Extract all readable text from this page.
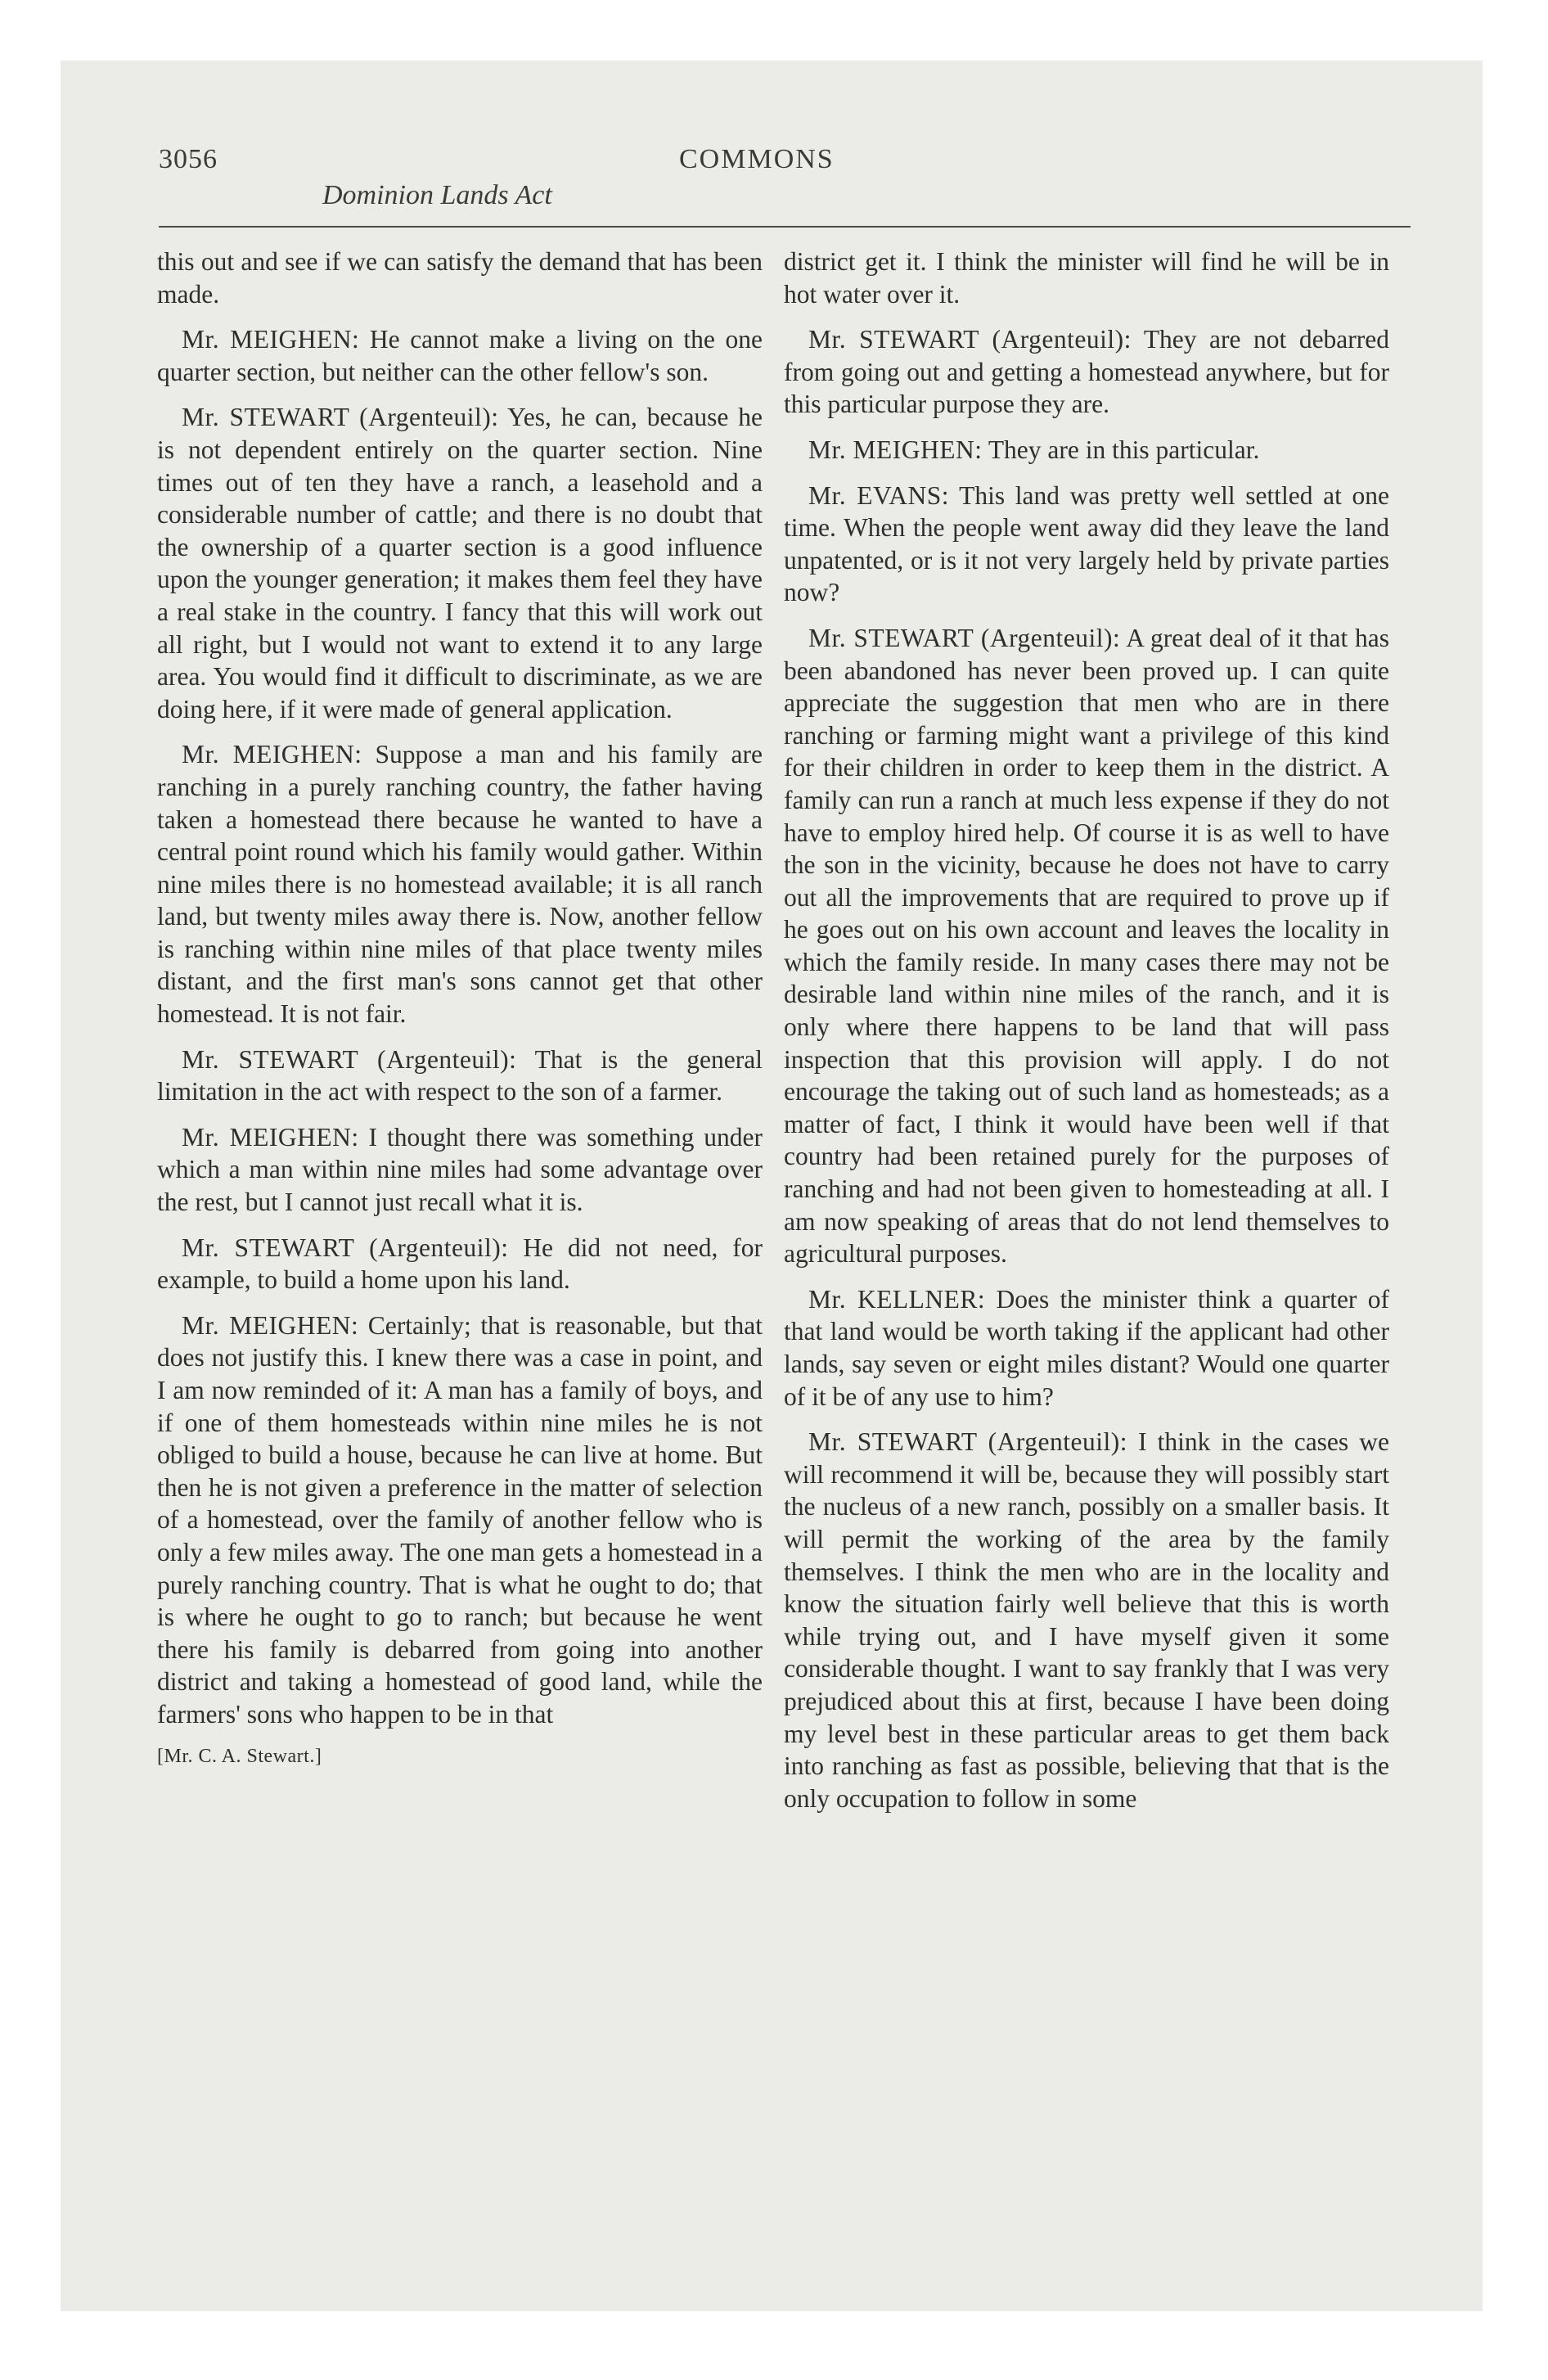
3056
Dominion Lands Act
COMMONS

this out and see if we can satisfy the demand that has been made.

Mr. MEIGHEN: He cannot make a living on the one quarter section, but neither can the other fellow's son.

Mr. STEWART (Argenteuil): Yes, he can, because he is not dependent entirely on the quarter section. Nine times out of ten they have a ranch, a leasehold and a considerable number of cattle; and there is no doubt that the ownership of a quarter section is a good influence upon the younger generation; it makes them feel they have a real stake in the country. I fancy that this will work out all right, but I would not want to extend it to any large area. You would find it difficult to discriminate, as we are doing here, if it were made of general application.

Mr. MEIGHEN: Suppose a man and his family are ranching in a purely ranching country, the father having taken a homestead there because he wanted to have a central point round which his family would gather. Within nine miles there is no homestead available; it is all ranch land, but twenty miles away there is. Now, another fellow is ranching within nine miles of that place twenty miles distant, and the first man's sons cannot get that other homestead. It is not fair.

Mr. STEWART (Argenteuil): That is the general limitation in the act with respect to the son of a farmer.

Mr. MEIGHEN: I thought there was something under which a man within nine miles had some advantage over the rest, but I cannot just recall what it is.

Mr. STEWART (Argenteuil): He did not need, for example, to build a home upon his land.

Mr. MEIGHEN: Certainly; that is reasonable, but that does not justify this. I knew there was a case in point, and I am now reminded of it: A man has a family of boys, and if one of them homesteads within nine miles he is not obliged to build a house, because he can live at home. But then he is not given a preference in the matter of selection of a homestead, over the family of another fellow who is only a few miles away. The one man gets a homestead in a purely ranching country. That is what he ought to do; that is where he ought to go to ranch; but because he went there his family is debarred from going into another district and taking a homestead of good land, while the farmers' sons who happen to be in that

[Mr. C. A. Stewart.]

district get it. I think the minister will find he will be in hot water over it.

Mr. STEWART (Argenteuil): They are not debarred from going out and getting a homestead anywhere, but for this particular purpose they are.

Mr. MEIGHEN: They are in this particular.

Mr. EVANS: This land was pretty well settled at one time. When the people went away did they leave the land unpatented, or is it not very largely held by private parties now?

Mr. STEWART (Argenteuil): A great deal of it that has been abandoned has never been proved up. I can quite appreciate the suggestion that men who are in there ranching or farming might want a privilege of this kind for their children in order to keep them in the district. A family can run a ranch at much less expense if they do not have to employ hired help. Of course it is as well to have the son in the vicinity, because he does not have to carry out all the improvements that are required to prove up if he goes out on his own account and leaves the locality in which the family reside. In many cases there may not be desirable land within nine miles of the ranch, and it is only where there happens to be land that will pass inspection that this provision will apply. I do not encourage the taking out of such land as homesteads; as a matter of fact, I think it would have been well if that country had been retained purely for the purposes of ranching and had not been given to homesteading at all. I am now speaking of areas that do not lend themselves to agricultural purposes.

Mr. KELLNER: Does the minister think a quarter of that land would be worth taking if the applicant had other lands, say seven or eight miles distant? Would one quarter of it be of any use to him?

Mr. STEWART (Argenteuil): I think in the cases we will recommend it will be, because they will possibly start the nucleus of a new ranch, possibly on a smaller basis. It will permit the working of the area by the family themselves. I think the men who are in the locality and know the situation fairly well believe that this is worth while trying out, and I have myself given it some considerable thought. I want to say frankly that I was very prejudiced about this at first, because I have been doing my level best in these particular areas to get them back into ranching as fast as possible, believing that that is the only occupation to follow in some
